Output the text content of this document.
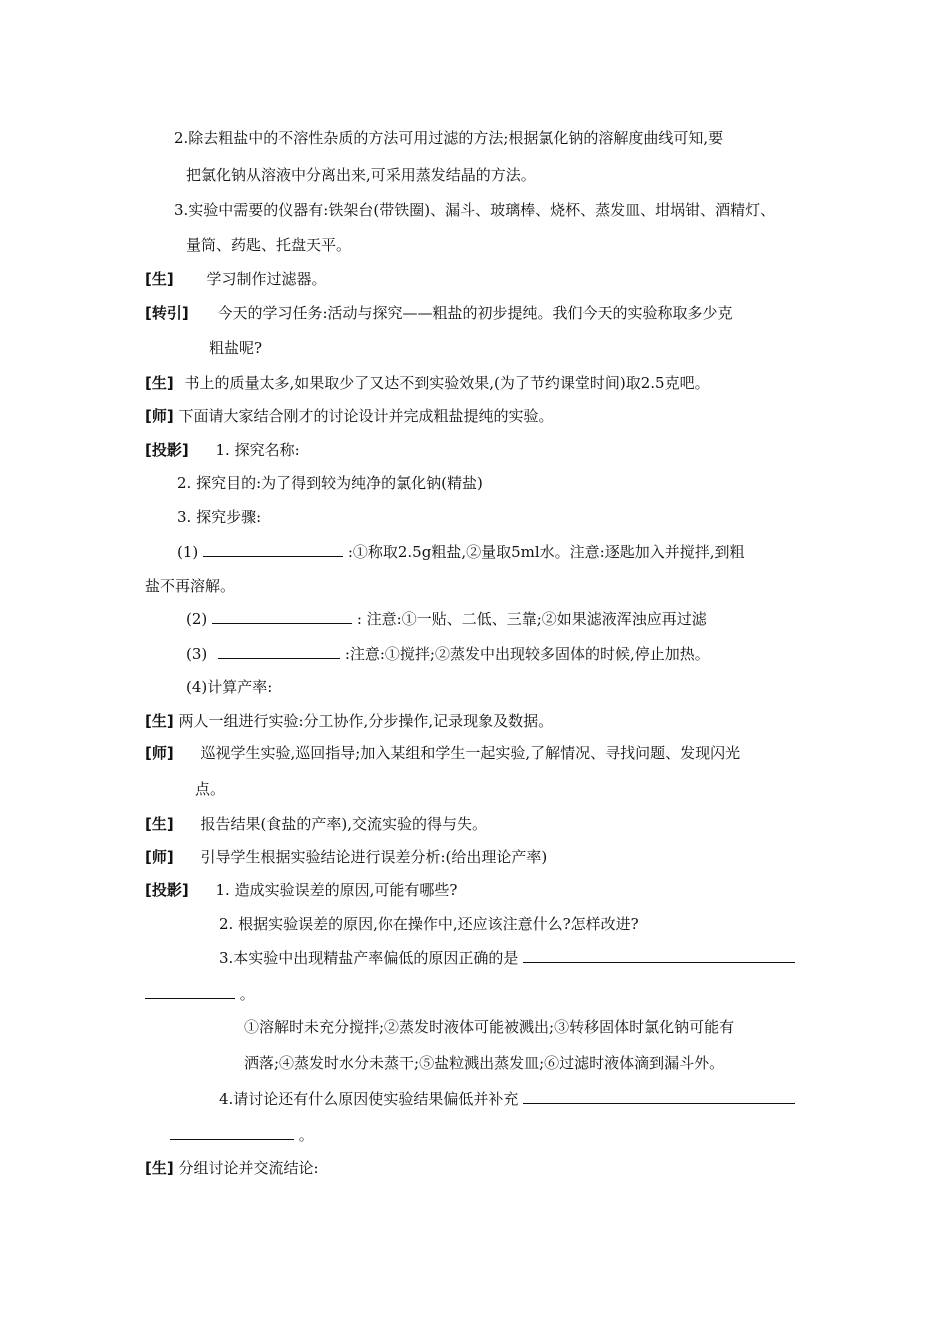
2.除去粗盐中的不溶性杂质的方法可用过滤的方法;根据氯化钠的溶解度曲线可知,要
把氯化钠从溶液中分离出来,可采用蒸发结晶的方法。
3.实验中需要的仪器有:铁架台(带铁圈)、漏斗、玻璃棒、烧杯、蒸发皿、坩埚钳、酒精灯、
量筒、药匙、托盘天平。
[生] 学习制作过滤器。
[转引] 今天的学习任务:活动与探究——粗盐的初步提纯。我们今天的实验称取多少克
粗盐呢?
[生] 书上的质量太多,如果取少了又达不到实验效果,(为了节约课堂时间)取2.5克吧。
[师] 下面请大家结合刚才的讨论设计并完成粗盐提纯的实验。
[投影] 1. 探究名称:
2. 探究目的:为了得到较为纯净的氯化钠(精盐)
3. 探究步骤:
(1)	:①称取2.5g粗盐,②量取5ml水。注意:逐匙加入并搅拌,到粗
盐不再溶解。
(2)	: 注意:①一贴、二低、三靠;②如果滤液浑浊应再过滤
(3)	:注意:①搅拌;②蒸发中出现较多固体的时候,停止加热。
(4)计算产率:
[生] 两人一组进行实验:分工协作,分步操作,记录现象及数据。
[师] 巡视学生实验,巡回指导;加入某组和学生一起实验,了解情况、寻找问题、发现闪光
点。
[生] 报告结果(食盐的产率),交流实验的得与失。
[师] 引导学生根据实验结论进行误差分析:(给出理论产率)
[投影] 1. 造成实验误差的原因,可能有哪些?
2. 根据实验误差的原因,你在操作中,还应该注意什么?怎样改进?
3.本实验中出现精盐产率偏低的原因正确的是
。
①溶解时未充分搅拌;②蒸发时液体可能被溅出;③转移固体时氯化钠可能有
洒落;④蒸发时水分未蒸干;⑤盐粒溅出蒸发皿;⑥过滤时液体滴到漏斗外。
4.请讨论还有什么原因使实验结果偏低并补充
。
[生] 分组讨论并交流结论:
